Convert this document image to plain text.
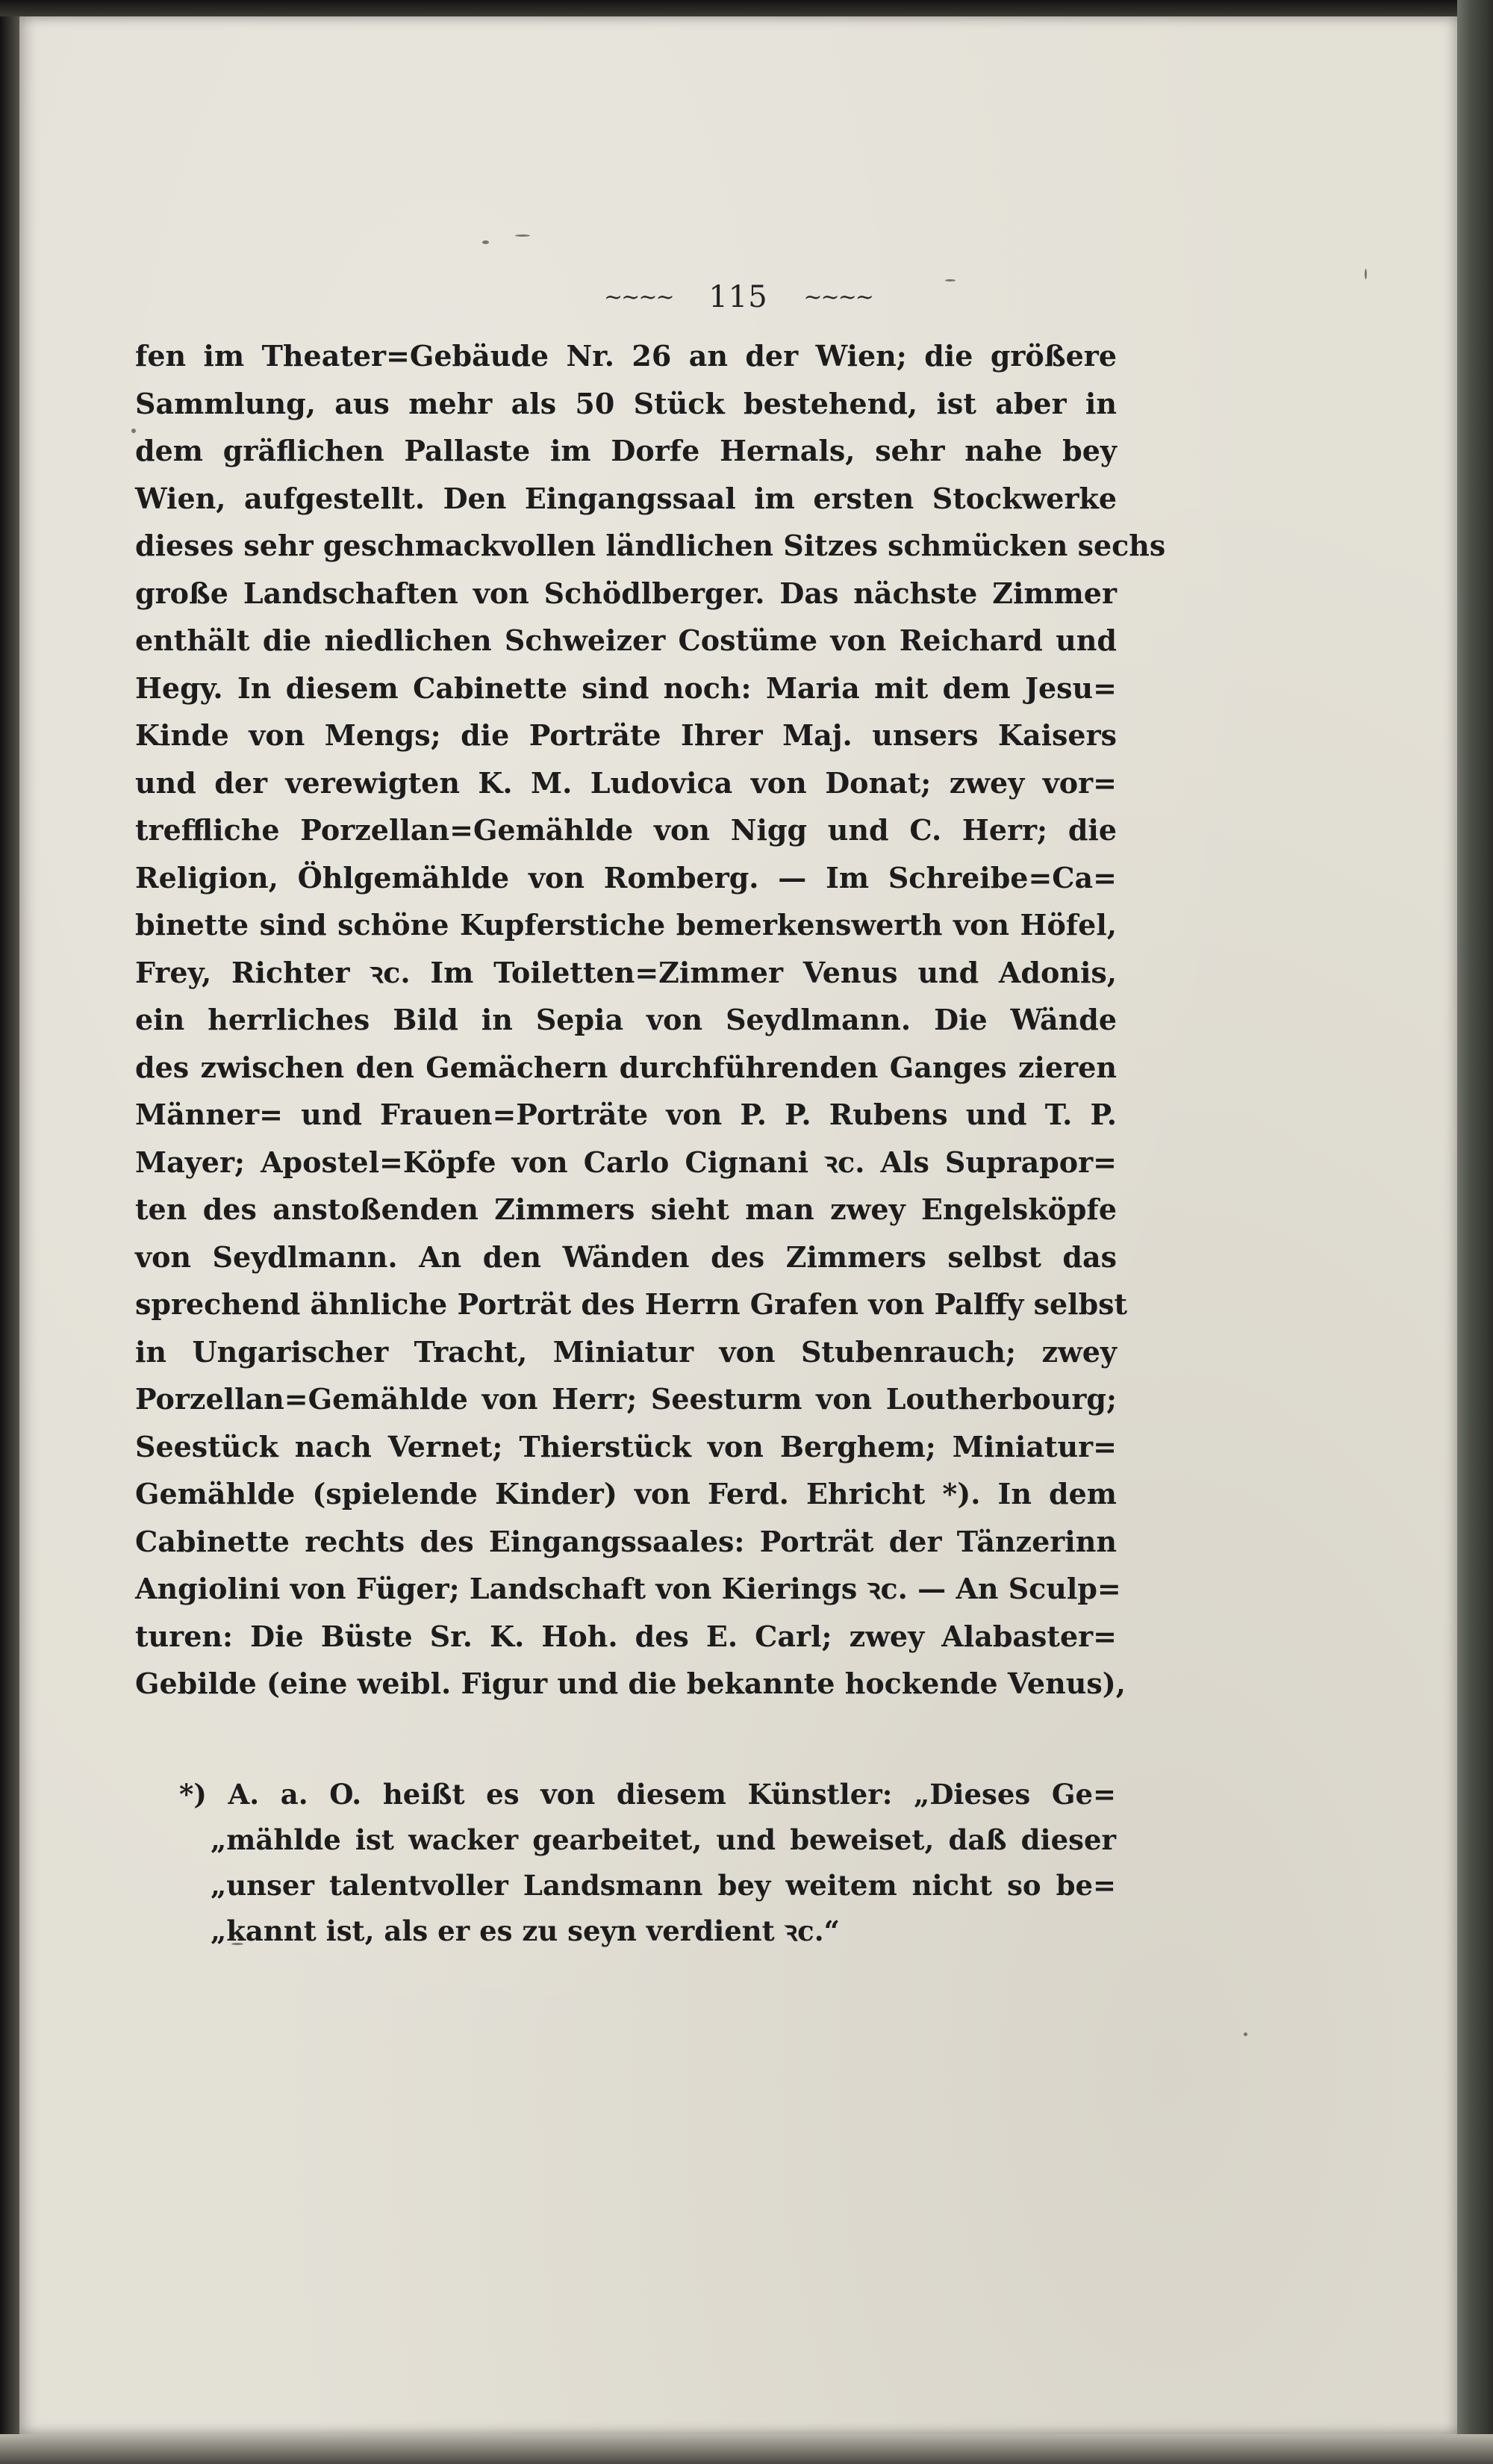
~~~~ 115 ~~~~
fen im Theater=Gebäude Nr. 26 an der Wien; die größere
Sammlung, aus mehr als 50 Stück bestehend, ist aber in
dem gräflichen Pallaste im Dorfe Hernals, sehr nahe bey
Wien, aufgestellt. Den Eingangssaal im ersten Stockwerke
dieses sehr geschmackvollen ländlichen Sitzes schmücken sechs
große Landschaften von Schödlberger. Das nächste Zimmer
enthält die niedlichen Schweizer Costüme von Reichard und
Hegy. In diesem Cabinette sind noch: Maria mit dem Jesu=
Kinde von Mengs; die Porträte Ihrer Maj. unsers Kaisers
und der verewigten K. M. Ludovica von Donat; zwey vor=
treffliche Porzellan=Gemählde von Nigg und C. Herr; die
Religion, Öhlgemählde von Romberg. — Im Schreibe=Ca=
binette sind schöne Kupferstiche bemerkenswerth von Höfel,
Frey, Richter ꝛc. Im Toiletten=Zimmer Venus und Adonis,
ein herrliches Bild in Sepia von Seydlmann. Die Wände
des zwischen den Gemächern durchführenden Ganges zieren
Männer= und Frauen=Porträte von P. P. Rubens und T. P.
Mayer; Apostel=Köpfe von Carlo Cignani ꝛc. Als Suprapor=
ten des anstoßenden Zimmers sieht man zwey Engelsköpfe
von Seydlmann. An den Wänden des Zimmers selbst das
sprechend ähnliche Porträt des Herrn Grafen von Palffy selbst
in Ungarischer Tracht, Miniatur von Stubenrauch; zwey
Porzellan=Gemählde von Herr; Seesturm von Loutherbourg;
Seestück nach Vernet; Thierstück von Berghem; Miniatur=
Gemählde (spielende Kinder) von Ferd. Ehricht *). In dem
Cabinette rechts des Eingangssaales: Porträt der Tänzerinn
Angiolini von Füger; Landschaft von Kierings ꝛc. — An Sculp=
turen: Die Büste Sr. K. Hoh. des E. Carl; zwey Alabaster=
Gebilde (eine weibl. Figur und die bekannte hockende Venus),
*) A. a. O. heißt es von diesem Künstler: „Dieses Ge=
„mählde ist wacker gearbeitet, und beweiset, daß dieser
„unser talentvoller Landsmann bey weitem nicht so be=
„kannt ist, als er es zu seyn verdient ꝛc.“
